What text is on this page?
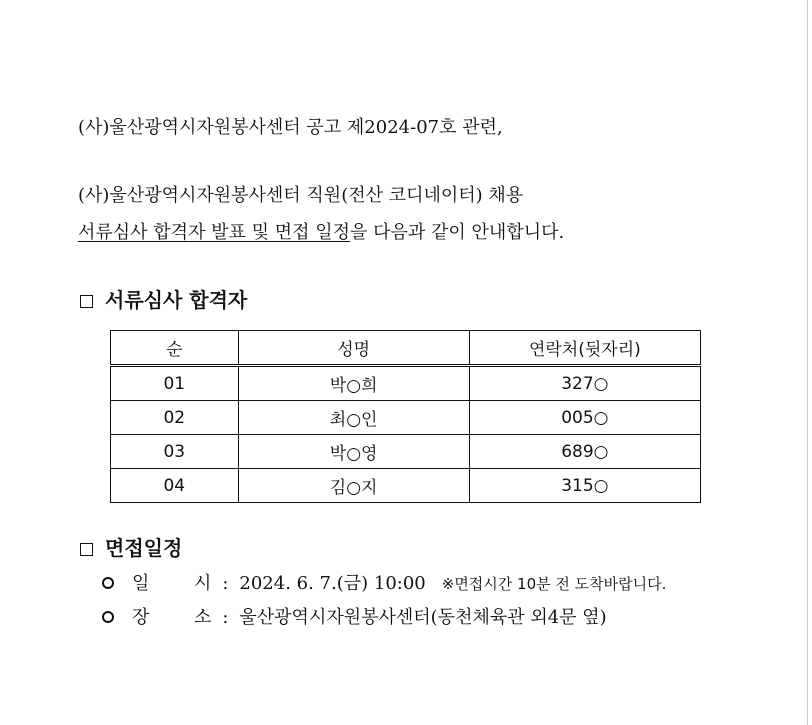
(사)울산광역시자원봉사센터 공고 제2024-07호 관련,
(사)울산광역시자원봉사센터 직원(전산 코디네이터) 채용
서류심사 합격자 발표 및 면접 일정을 다음과 같이 안내합니다.
서류심사 합격자
순	성명	연락처(뒷자리)
01	박○희	327○
02	최○인	005○
03	박○영	689○
04	김○지	315○
면접일정
일 시 : 2024. 6. 7.(금) 10:00 ※면접시간 10분 전 도착바랍니다.
장 소 : 울산광역시자원봉사센터(동천체육관 외4문 옆)
